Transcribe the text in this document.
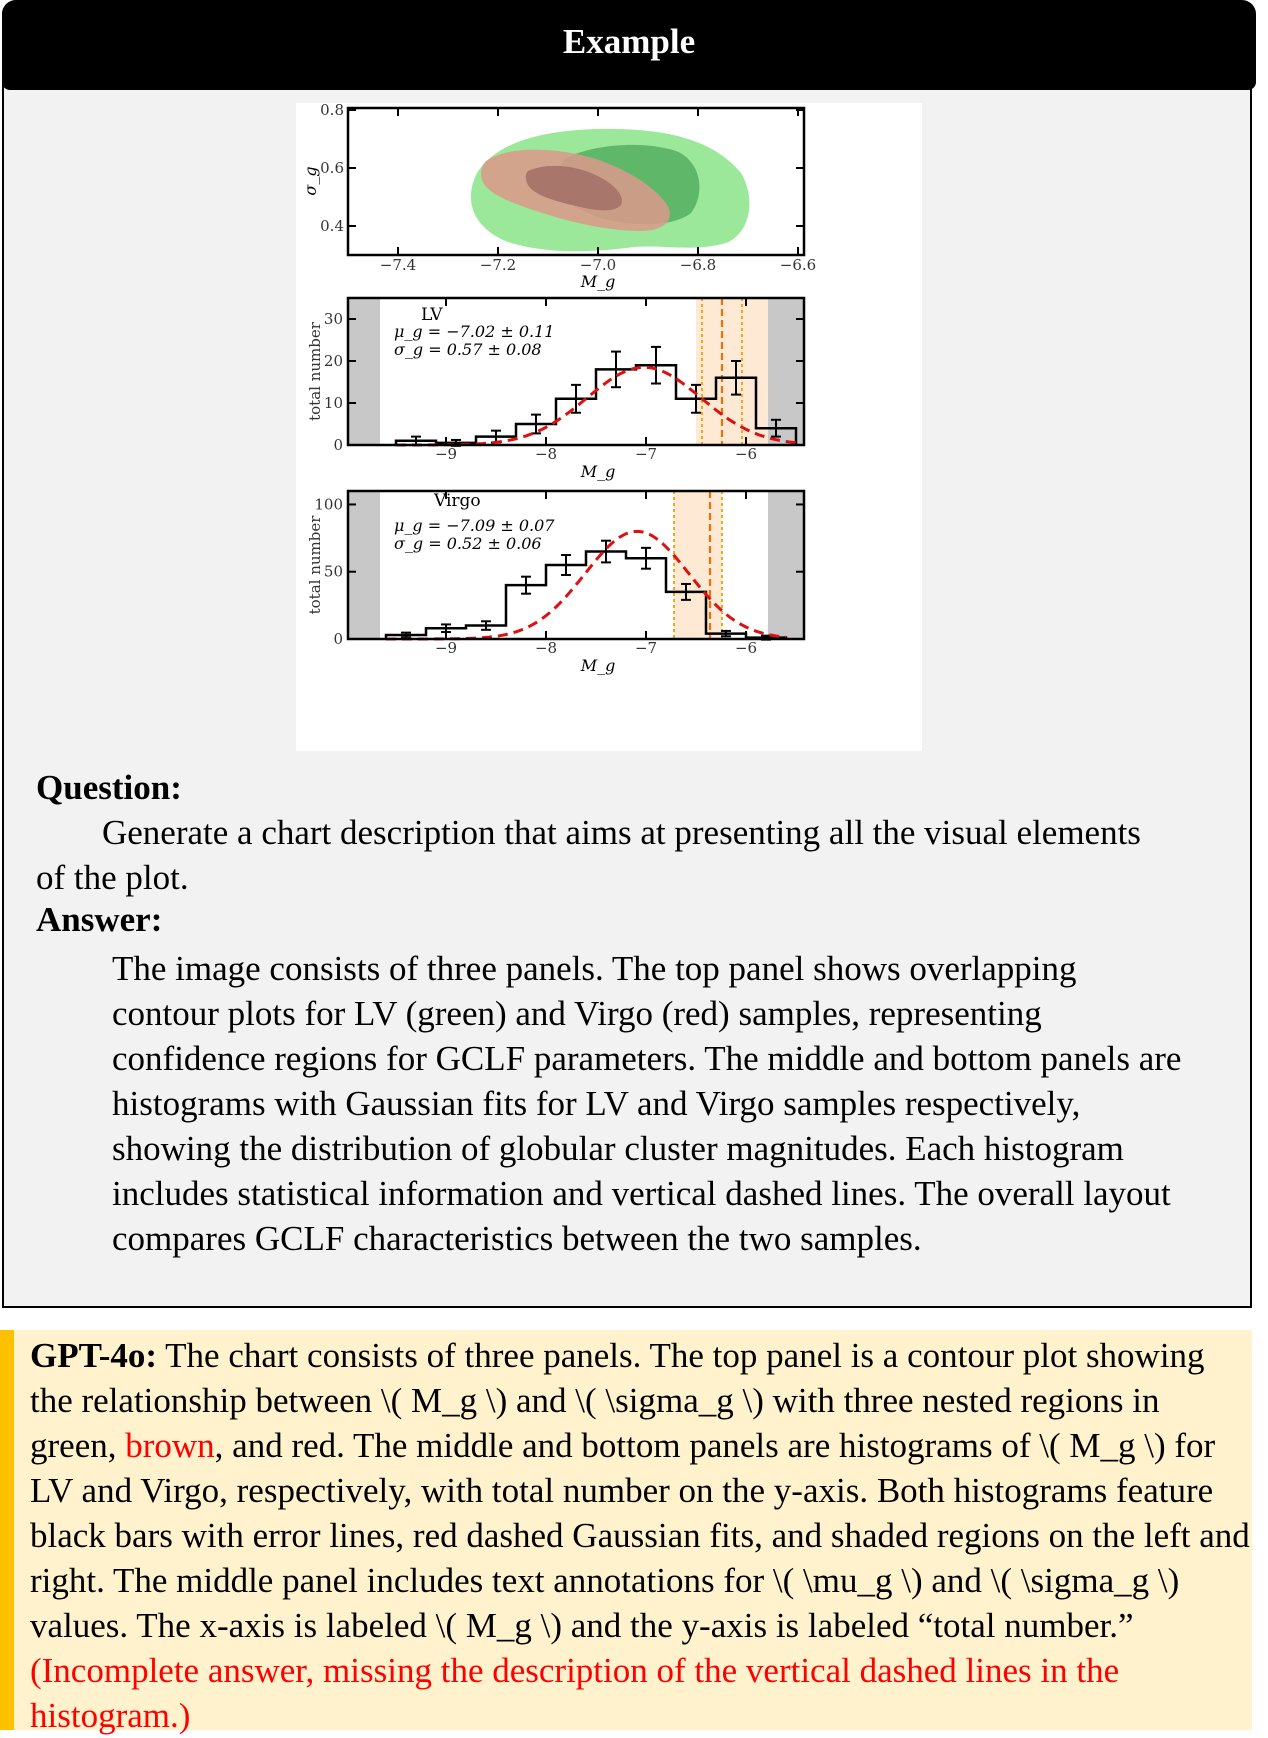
Example
−7.4	−7.2	−7.0	−6.8	−6.6
0.8
0.6
0.4
M_g
σ_g
LV
μ_g = −7.02 ± 0.11
σ_g = 0.57 ± 0.08
−9	−8	−7	−6
30
20
10
0
M_g
total number
Virgo
μ_g = −7.09 ± 0.07
σ_g = 0.52 ± 0.06
−9	−8	−7	−6
100
50
0
M_g
total number
Question:
Generate a chart description that aims at presenting all the visual elements of the plot.
Answer:
The image consists of three panels. The top panel shows overlapping contour plots for LV (green) and Virgo (red) samples, representing confidence regions for GCLF parameters. The middle and bottom panels are histograms with Gaussian fits for LV and Virgo samples respectively, showing the distribution of globular cluster magnitudes. Each histogram includes statistical information and vertical dashed lines. The overall layout compares GCLF characteristics between the two samples.
GPT-4o: The chart consists of three panels. The top panel is a contour plot showing the relationship between \( M_g \) and \( \sigma_g \) with three nested regions in green, brown, and red. The middle and bottom panels are histograms of \( M_g \) for LV and Virgo, respectively, with total number on the y-axis. Both histograms feature black bars with error lines, red dashed Gaussian fits, and shaded regions on the left and right. The middle panel includes text annotations for \( \mu_g \) and \( \sigma_g \) values. The x-axis is labeled \( M_g \) and the y-axis is labeled “total number.” (Incomplete answer, missing the description of the vertical dashed lines in the histogram.)
